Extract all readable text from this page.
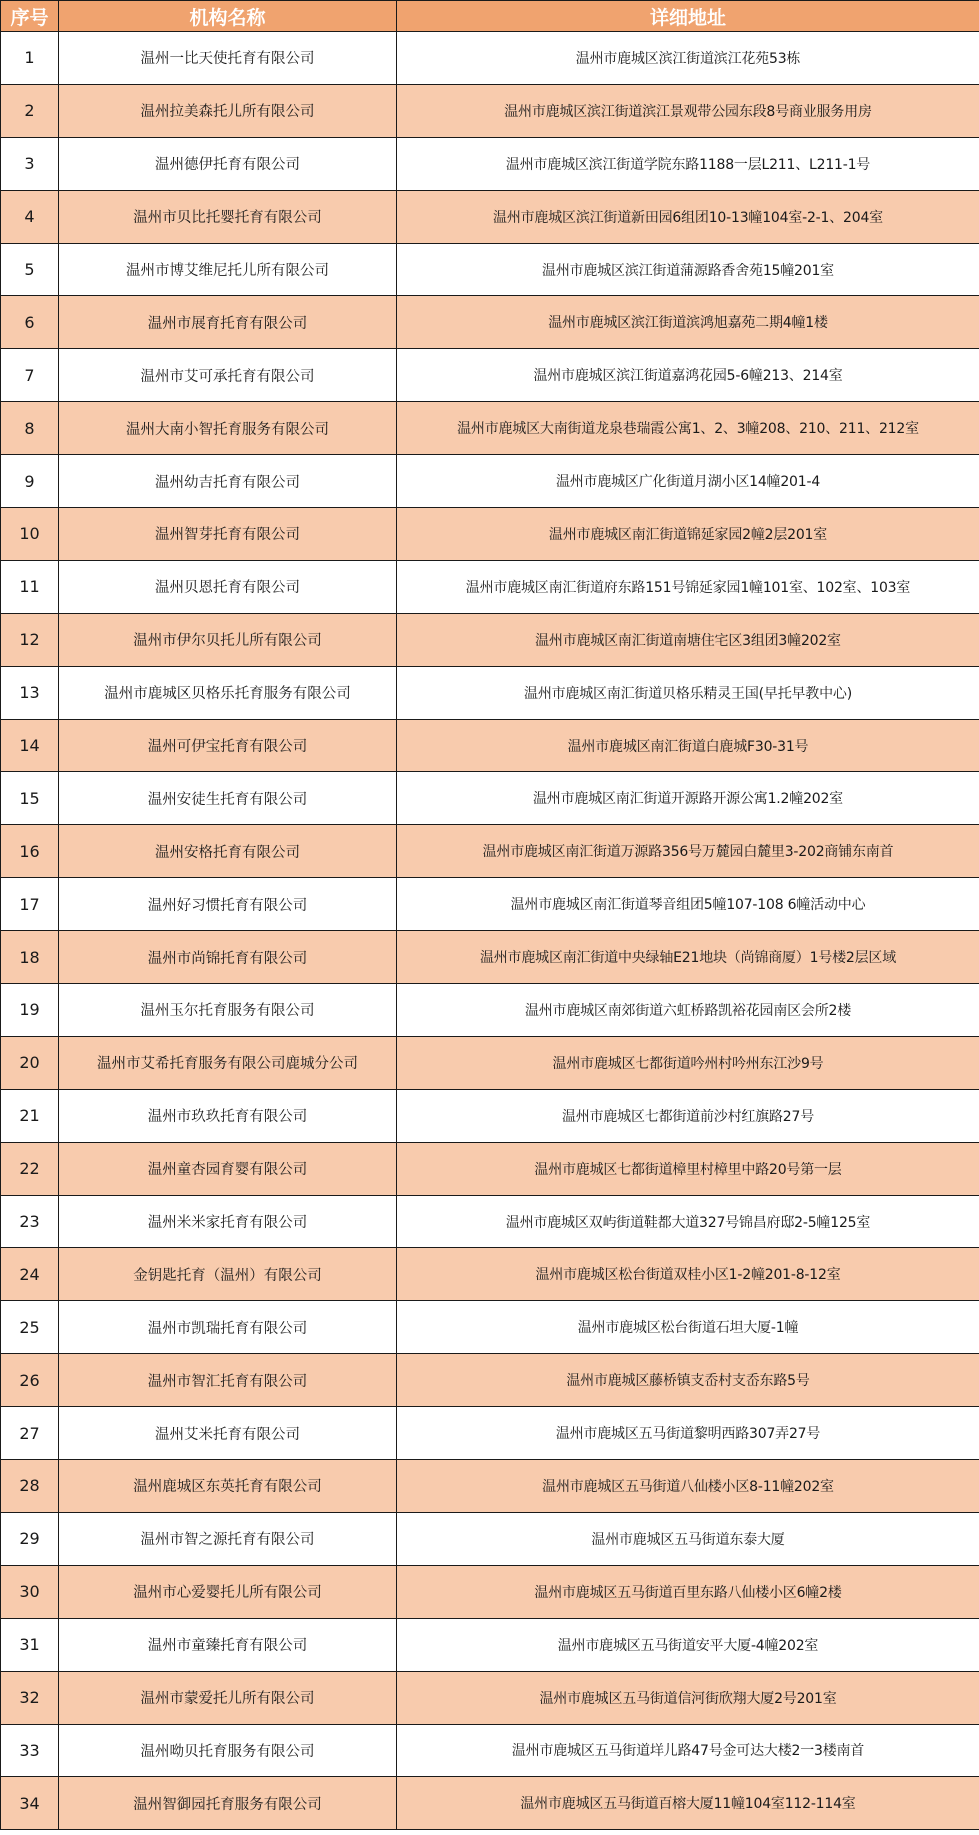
序号	机构名称	详细地址
1	温州一比天使托育有限公司	温州市鹿城区滨江街道滨江花苑53栋
2	温州拉美森托儿所有限公司	温州市鹿城区滨江街道滨江景观带公园东段8号商业服务用房
3	温州德伊托育有限公司	温州市鹿城区滨江街道学院东路1188一层L211、L211-1号
4	温州市贝比托婴托育有限公司	温州市鹿城区滨江街道新田园6组团10-13幢104室-2-1、204室
5	温州市博艾维尼托儿所有限公司	温州市鹿城区滨江街道蒲源路香舍苑15幢201室
6	温州市展育托育有限公司	温州市鹿城区滨江街道滨鸿旭嘉苑二期4幢1楼
7	温州市艾可承托育有限公司	温州市鹿城区滨江街道嘉鸿花园5-6幢213、214室
8	温州大南小智托育服务有限公司	温州市鹿城区大南街道龙泉巷瑞霞公寓1、2、3幢208、210、211、212室
9	温州幼吉托育有限公司	温州市鹿城区广化街道月湖小区14幢201-4
10	温州智芽托育有限公司	温州市鹿城区南汇街道锦延家园2幢2层201室
11	温州贝恩托育有限公司	温州市鹿城区南汇街道府东路151号锦延家园1幢101室、102室、103室
12	温州市伊尔贝托儿所有限公司	温州市鹿城区南汇街道南塘住宅区3组团3幢202室
13	温州市鹿城区贝格乐托育服务有限公司	温州市鹿城区南汇街道贝格乐精灵王国(早托早教中心)
14	温州可伊宝托育有限公司	温州市鹿城区南汇街道白鹿城F30-31号
15	温州安徒生托育有限公司	温州市鹿城区南汇街道开源路开源公寓1.2幢202室
16	温州安格托育有限公司	温州市鹿城区南汇街道万源路356号万麓园白麓里3-202商铺东南首
17	温州好习惯托育有限公司	温州市鹿城区南汇街道琴音组团5幢107-108 6幢活动中心
18	温州市尚锦托育有限公司	温州市鹿城区南汇街道中央绿轴E21地块（尚锦商厦）1号楼2层区域
19	温州玉尔托育服务有限公司	温州市鹿城区南郊街道六虹桥路凯裕花园南区会所2楼
20	温州市艾希托育服务有限公司鹿城分公司	温州市鹿城区七都街道吟州村吟州东江沙9号
21	温州市玖玖托育有限公司	温州市鹿城区七都街道前沙村红旗路27号
22	温州童杏园育婴有限公司	温州市鹿城区七都街道樟里村樟里中路20号第一层
23	温州米米家托育有限公司	温州市鹿城区双屿街道鞋都大道327号锦昌府邸2-5幢125室
24	金钥匙托育（温州）有限公司	温州市鹿城区松台街道双桂小区1-2幢201-8-12室
25	温州市凯瑞托育有限公司	温州市鹿城区松台街道石坦大厦-1幢
26	温州市智汇托育有限公司	温州市鹿城区藤桥镇支岙村支岙东路5号
27	温州艾米托育有限公司	温州市鹿城区五马街道黎明西路307弄27号
28	温州鹿城区东英托育有限公司	温州市鹿城区五马街道八仙楼小区8-11幢202室
29	温州市智之源托育有限公司	温州市鹿城区五马街道东泰大厦
30	温州市心爱婴托儿所有限公司	温州市鹿城区五马街道百里东路八仙楼小区6幢2楼
31	温州市童臻托育有限公司	温州市鹿城区五马街道安平大厦-4幢202室
32	温州市蒙爱托儿所有限公司	温州市鹿城区五马街道信河街欣翔大厦2号201室
33	温州呦贝托育服务有限公司	温州市鹿城区五马街道垟儿路47号金可达大楼2一3楼南首
34	温州智御园托育服务有限公司	温州市鹿城区五马街道百榕大厦11幢104室112-114室
